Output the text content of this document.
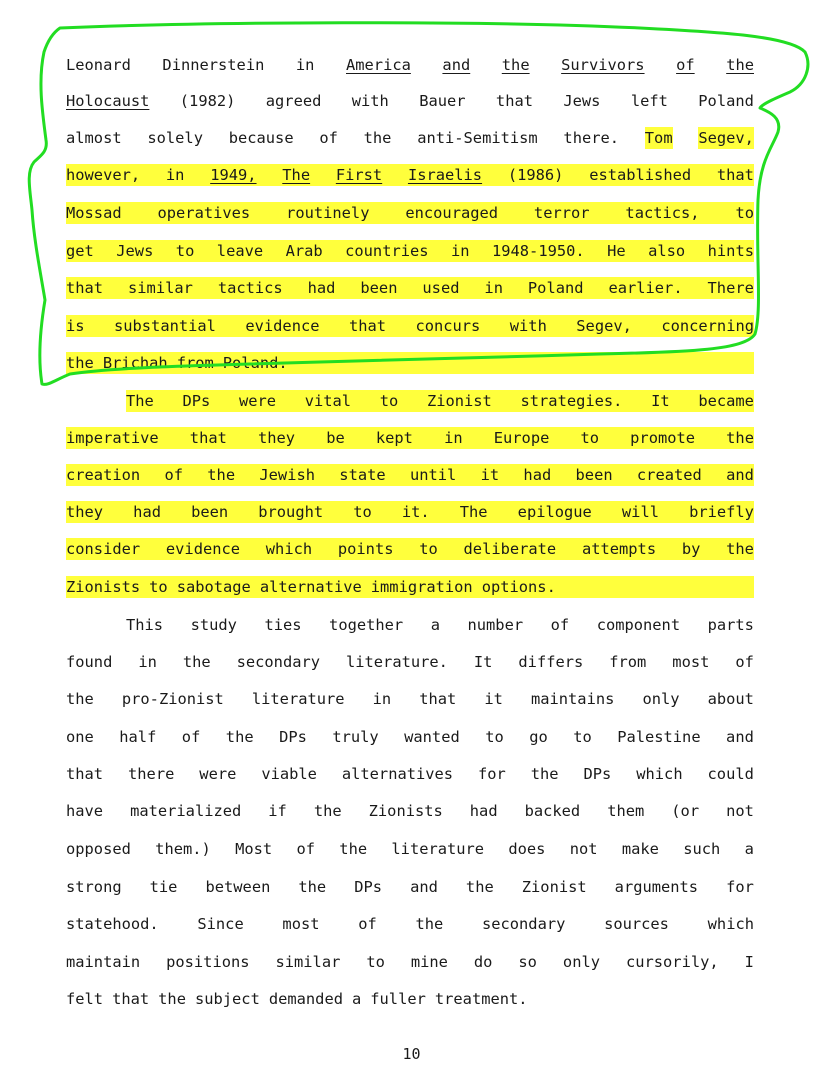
Leonard Dinnerstein in America and the Survivors of the
Holocaust (1982) agreed with Bauer that Jews left Poland
almost solely because of the anti-Semitism there. Tom Segev,
however, in 1949, The First Israelis (1986) established that
Mossad operatives routinely encouraged terror tactics, to
get Jews to leave Arab countries in 1948-1950. He also hints
that similar tactics had been used in Poland earlier. There
is substantial evidence that concurs with Segev, concerning
the Brichah from Poland.
The DPs were vital to Zionist strategies. It became
imperative that they be kept in Europe to promote the
creation of the Jewish state until it had been created and
they had been brought to it. The epilogue will briefly
consider evidence which points to deliberate attempts by the
Zionists to sabotage alternative immigration options.
This study ties together a number of component parts
found in the secondary literature. It differs from most of
the pro-Zionist literature in that it maintains only about
one half of the DPs truly wanted to go to Palestine and
that there were viable alternatives for the DPs which could
have materialized if the Zionists had backed them (or not
opposed them.) Most of the literature does not make such a
strong tie between the DPs and the Zionist arguments for
statehood.	Since	most	of	the	secondary	sources	which
maintain positions similar to mine do so only cursorily, I
felt that the subject demanded a fuller treatment.
10
